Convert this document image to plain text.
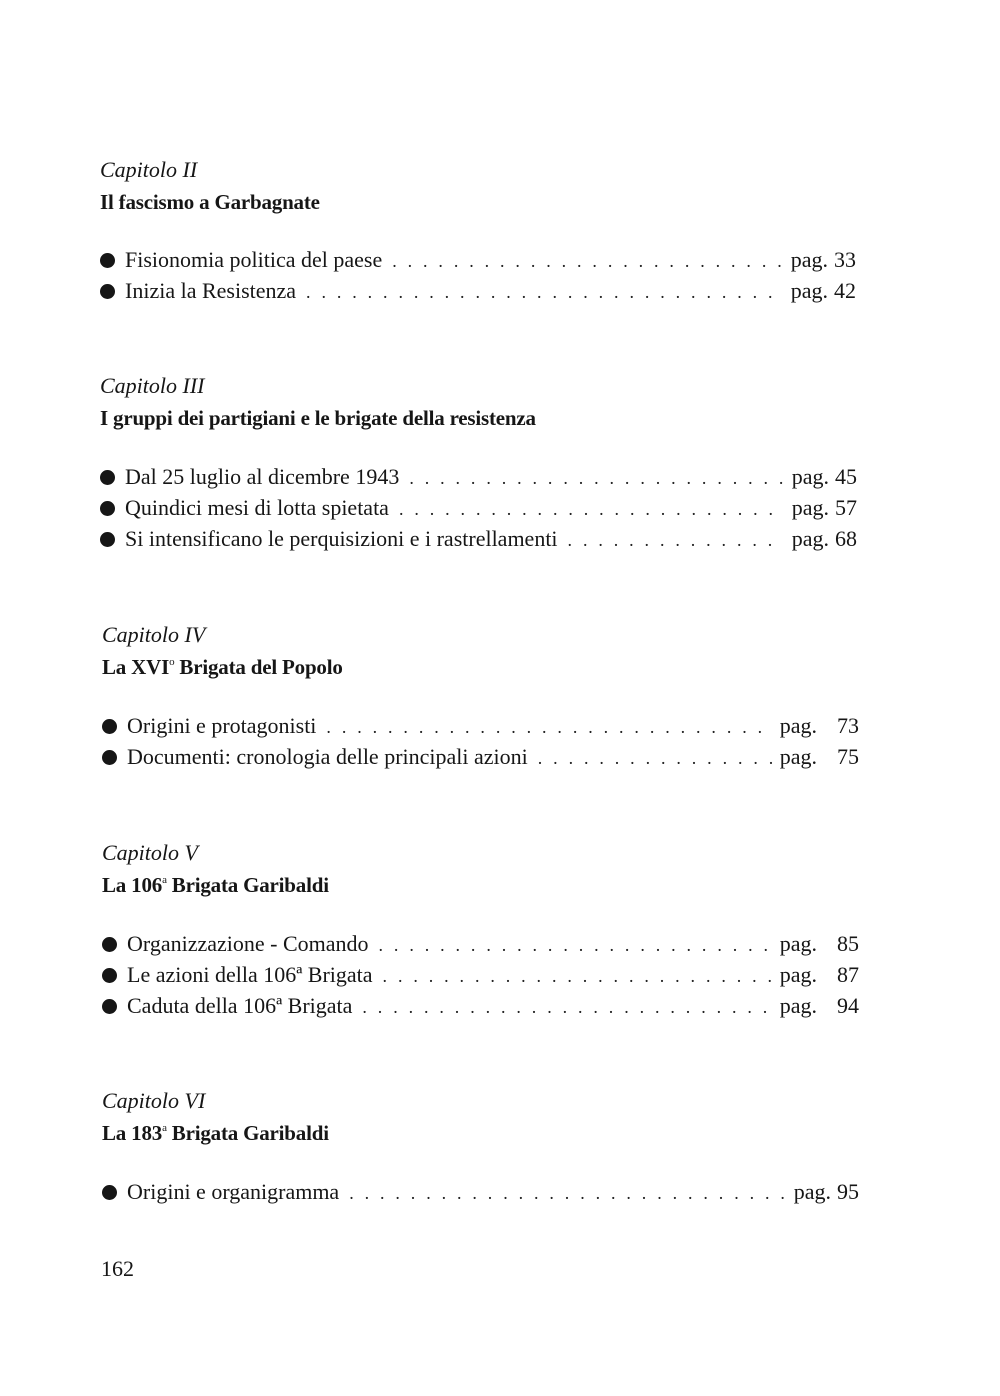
Capitolo II
Il fascismo a Garbagnate
Fisionomia politica del paese . . .	pag. 33
Inizia la Resistenza . . .	pag. 42
Capitolo III
I gruppi dei partigiani e le brigate della resistenza
Dal 25 luglio al dicembre 1943 . . .	pag. 45
Quindici mesi di lotta spietata . . .	pag. 57
Si intensificano le perquisizioni e i rastrellamenti . . .	pag. 68
Capitolo IV
La XVI$^o$ Brigata del Popolo
Origini e protagonisti . . .	pag. 73
Documenti: cronologia delle principali azioni . . .	pag. 75
Capitolo V
La 106$^a$ Brigata Garibaldi
Organizzazione - Comando . . .	pag. 85
Le azioni della 106ª Brigata . . .	pag. 87
Caduta della 106ª Brigata . . .	pag. 94
Capitolo VI
La 183$^a$ Brigata Garibaldi
Origini e organigramma . . .	pag. 95
162
